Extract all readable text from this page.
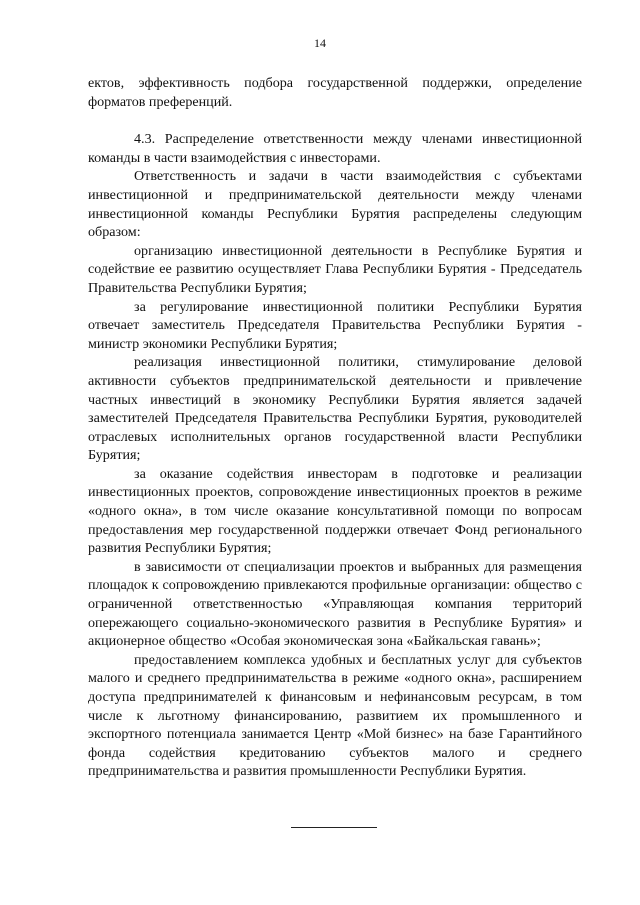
14

ектов, эффективность подбора государственной поддержки, определение форматов преференций.

4.3. Распределение ответственности между членами инвестиционной команды в части взаимодействия с инвесторами.

Ответственность и задачи в части взаимодействия с субъектами инвестиционной и предпринимательской деятельности между членами инвестиционной команды Республики Бурятия распределены следующим образом:

организацию инвестиционной деятельности в Республике Бурятия и содействие ее развитию осуществляет Глава Республики Бурятия - Председатель Правительства Республики Бурятия;

за регулирование инвестиционной политики Республики Бурятия отвечает заместитель Председателя Правительства Республики Бурятия - министр экономики Республики Бурятия;

реализация инвестиционной политики, стимулирование деловой активности субъектов предпринимательской деятельности и привлечение частных инвестиций в экономику Республики Бурятия является задачей заместителей Председателя Правительства Республики Бурятия, руководителей отраслевых исполнительных органов государственной власти Республики Бурятия;

за оказание содействия инвесторам в подготовке и реализации инвестиционных проектов, сопровождение инвестиционных проектов в режиме «одного окна», в том числе оказание консультативной помощи по вопросам предоставления мер государственной поддержки отвечает Фонд регионального развития Республики Бурятия;

в зависимости от специализации проектов и выбранных для размещения площадок к сопровождению привлекаются профильные организации: общество с ограниченной ответственностью «Управляющая компания территорий опережающего социально-экономического развития в Республике Бурятия» и акционерное общество «Особая экономическая зона «Байкальская гавань»;

предоставлением комплекса удобных и бесплатных услуг для субъектов малого и среднего предпринимательства в режиме «одного окна», расширением доступа предпринимателей к финансовым и нефинансовым ресурсам, в том числе к льготному финансированию, развитием их промышленного и экспортного потенциала занимается Центр «Мой бизнес» на базе Гарантийного фонда содействия кредитованию субъектов малого и среднего предпринимательства и развития промышленности Республики Бурятия.
